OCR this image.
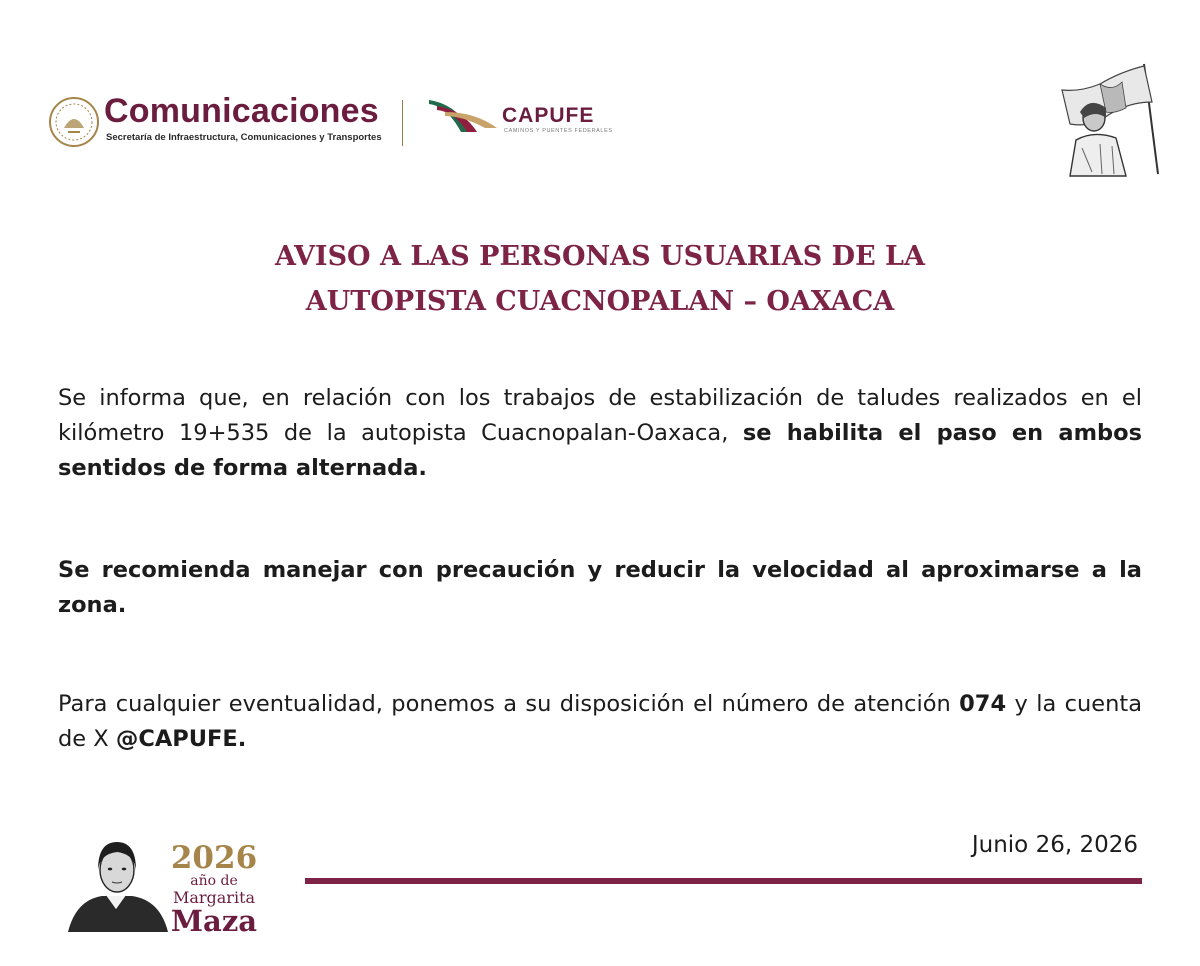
Comunicaciones
Secretaría de Infraestructura, Comunicaciones y Transportes
CAPUFE
CAMINOS Y PUENTES FEDERALES
AVISO A LAS PERSONAS USUARIAS DE LA
AUTOPISTA CUACNOPALAN – OAXACA
Se informa que, en relación con los trabajos de estabilización de taludes realizados en el kilómetro 19+535 de la autopista Cuacnopalan-Oaxaca, se habilita el paso en ambos sentidos de forma alternada.
Se recomienda manejar con precaución y reducir la velocidad al aproximarse a la zona.
Para cualquier eventualidad, ponemos a su disposición el número de atención 074 y la cuenta de X @CAPUFE.
Junio 26, 2026
2026
año de
Margarita
Maza
